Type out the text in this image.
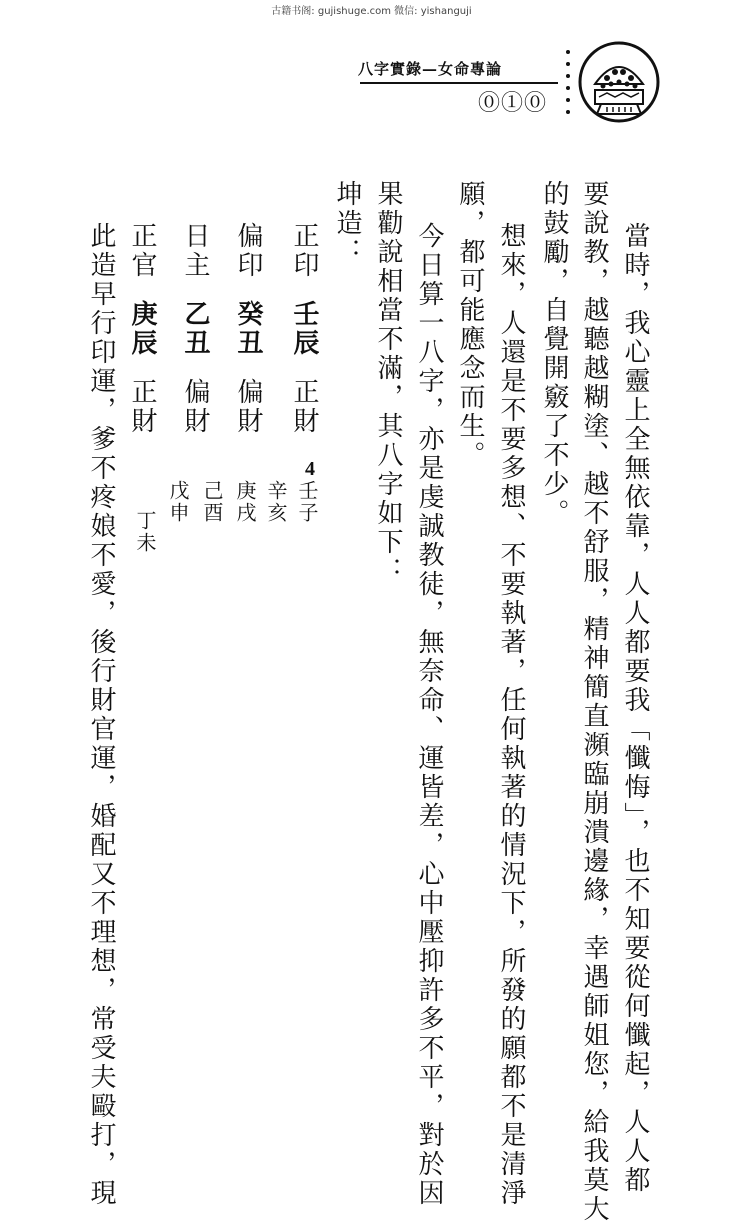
古籍书阁: gujishuge.com 微信: yishanguji
八字實錄—女命專論
⓪①⓪
當時，我心靈上全無依靠，人人都要我「懺悔」，也不知要從何懺起，人人都
要說教，越聽越糊塗、越不舒服，精神簡直瀕臨崩潰邊緣，幸遇師姐您，給我莫大
的鼓勵，自覺開竅了不少。
想來，人還是不要多想、不要執著，任何執著的情況下，所發的願都不是清淨
願，都可能應念而生。
今日算一八字，亦是虔誠教徒，無奈命、運皆差，心中壓抑許多不平，對於因
果勸說相當不滿，其八字如下：
坤造：
正印
壬辰
正財
偏印
癸丑
偏財
日主
乙丑
偏財
正官
庚辰
正財
4
壬子
辛亥
庚戌
己酉
戊申
丁未
此造早行印運，爹不疼娘不愛，後行財官運，婚配又不理想，常受夫毆打，現
